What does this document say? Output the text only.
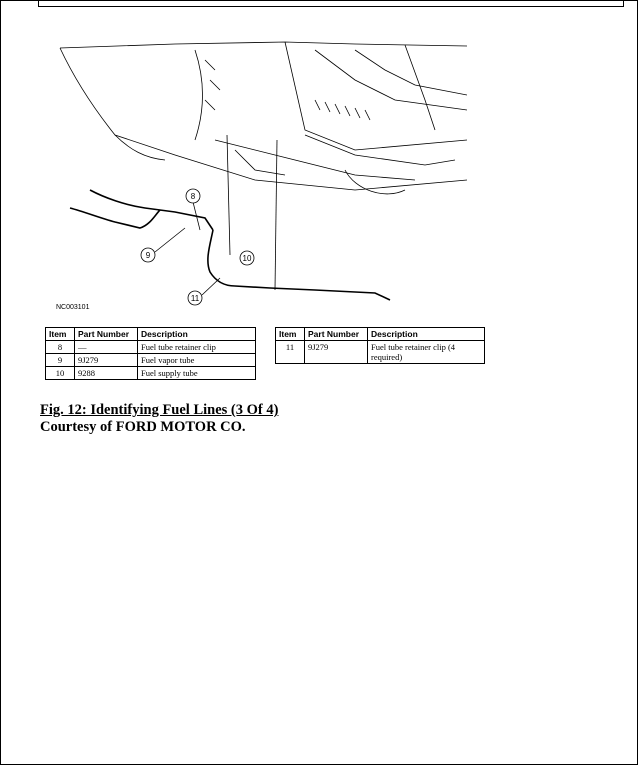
8
9	10
11
NC003101
Item	Part Number	Description
8	—	Fuel tube retainer clip
9	9J279	Fuel vapor tube
10	9288	Fuel supply tube
Item	Part Number	Description
11	9J279	Fuel tube retainer clip (4 required)
Fig. 12: Identifying Fuel Lines (3 Of 4)
Courtesy of FORD MOTOR CO.
